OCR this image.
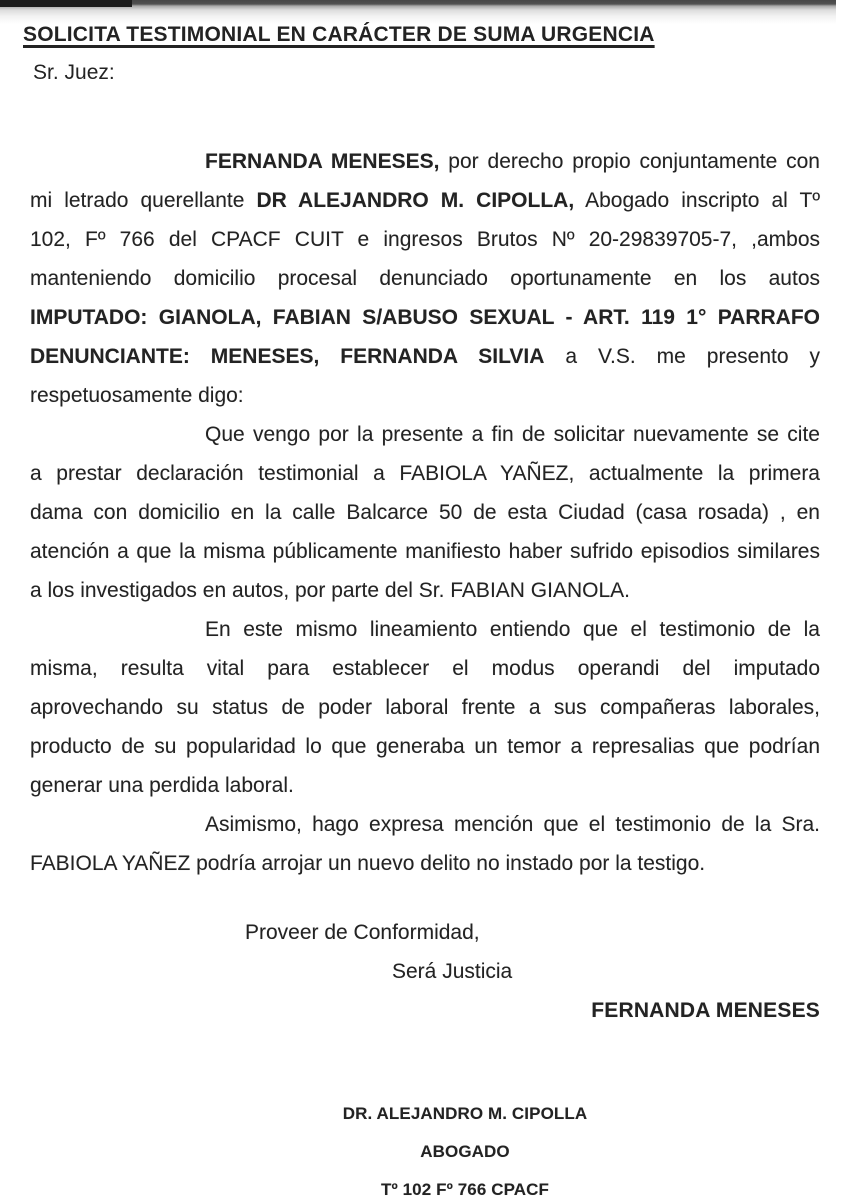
SOLICITA TESTIMONIAL EN CARÁCTER DE SUMA URGENCIA
Sr. Juez:
FERNANDA MENESES, por derecho propio conjuntamente con
mi letrado querellante DR ALEJANDRO M. CIPOLLA, Abogado inscripto al Tº
102, Fº 766 del CPACF CUIT e ingresos Brutos Nº 20-29839705-7, ,ambos
manteniendo domicilio procesal denunciado oportunamente en los autos
IMPUTADO: GIANOLA, FABIAN S/ABUSO SEXUAL - ART. 119 1° PARRAFO
DENUNCIANTE: MENESES, FERNANDA SILVIA a V.S. me presento y
respetuosamente digo:
Que vengo por la presente a fin de solicitar nuevamente se cite
a prestar declaración testimonial a FABIOLA YAÑEZ, actualmente la primera
dama con domicilio en la calle Balcarce 50 de esta Ciudad (casa rosada) , en
atención a que la misma públicamente manifiesto haber sufrido episodios similares
a los investigados en autos, por parte del Sr. FABIAN GIANOLA.
En este mismo lineamiento entiendo que el testimonio de la
misma, resulta vital para establecer el modus operandi del imputado
aprovechando su status de poder laboral frente a sus compañeras laborales,
producto de su popularidad lo que generaba un temor a represalias que podrían
generar una perdida laboral.
Asimismo, hago expresa mención que el testimonio de la Sra.
FABIOLA YAÑEZ podría arrojar un nuevo delito no instado por la testigo.
Proveer de Conformidad,
Será Justicia
FERNANDA MENESES
DR. ALEJANDRO M. CIPOLLA
ABOGADO
Tº 102 Fº 766 CPACF
